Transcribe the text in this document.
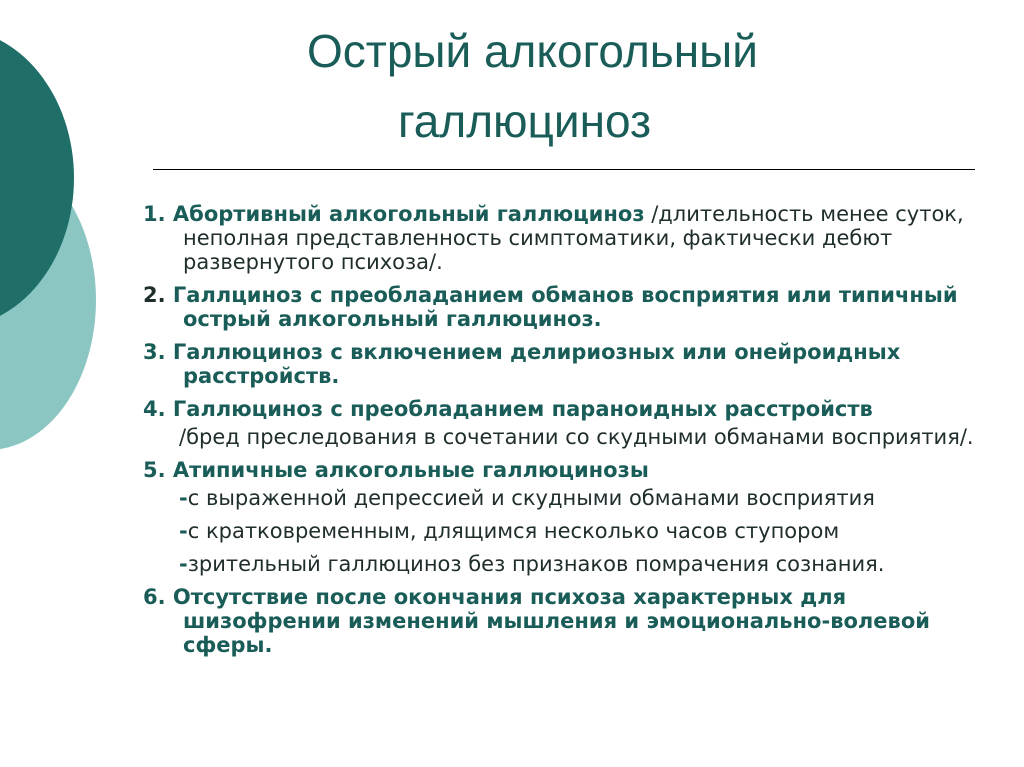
Острый алкогольный
галлюциноз
1. Абортивный алкогольный галлюциноз /длительность менее суток, неполная представленность симптоматики, фактически дебют развернутого психоза/.
2. Галлциноз с преобладанием обманов восприятия или типичный острый алкогольный галлюциноз.
3. Галлюциноз с включением делириозных или онейроидных расстройств.
4. Галлюциноз с преобладанием параноидных расстройств
/бред преследования в сочетании со скудными обманами восприятия/.
5. Атипичные алкогольные галлюцинозы
-с выраженной депрессией и скудными обманами восприятия
-с кратковременным, длящимся несколько часов ступором
-зрительный галлюциноз без признаков помрачения сознания.
6. Отсутствие после окончания психоза характерных для шизофрении изменений мышления и эмоционально-волевой сферы.
